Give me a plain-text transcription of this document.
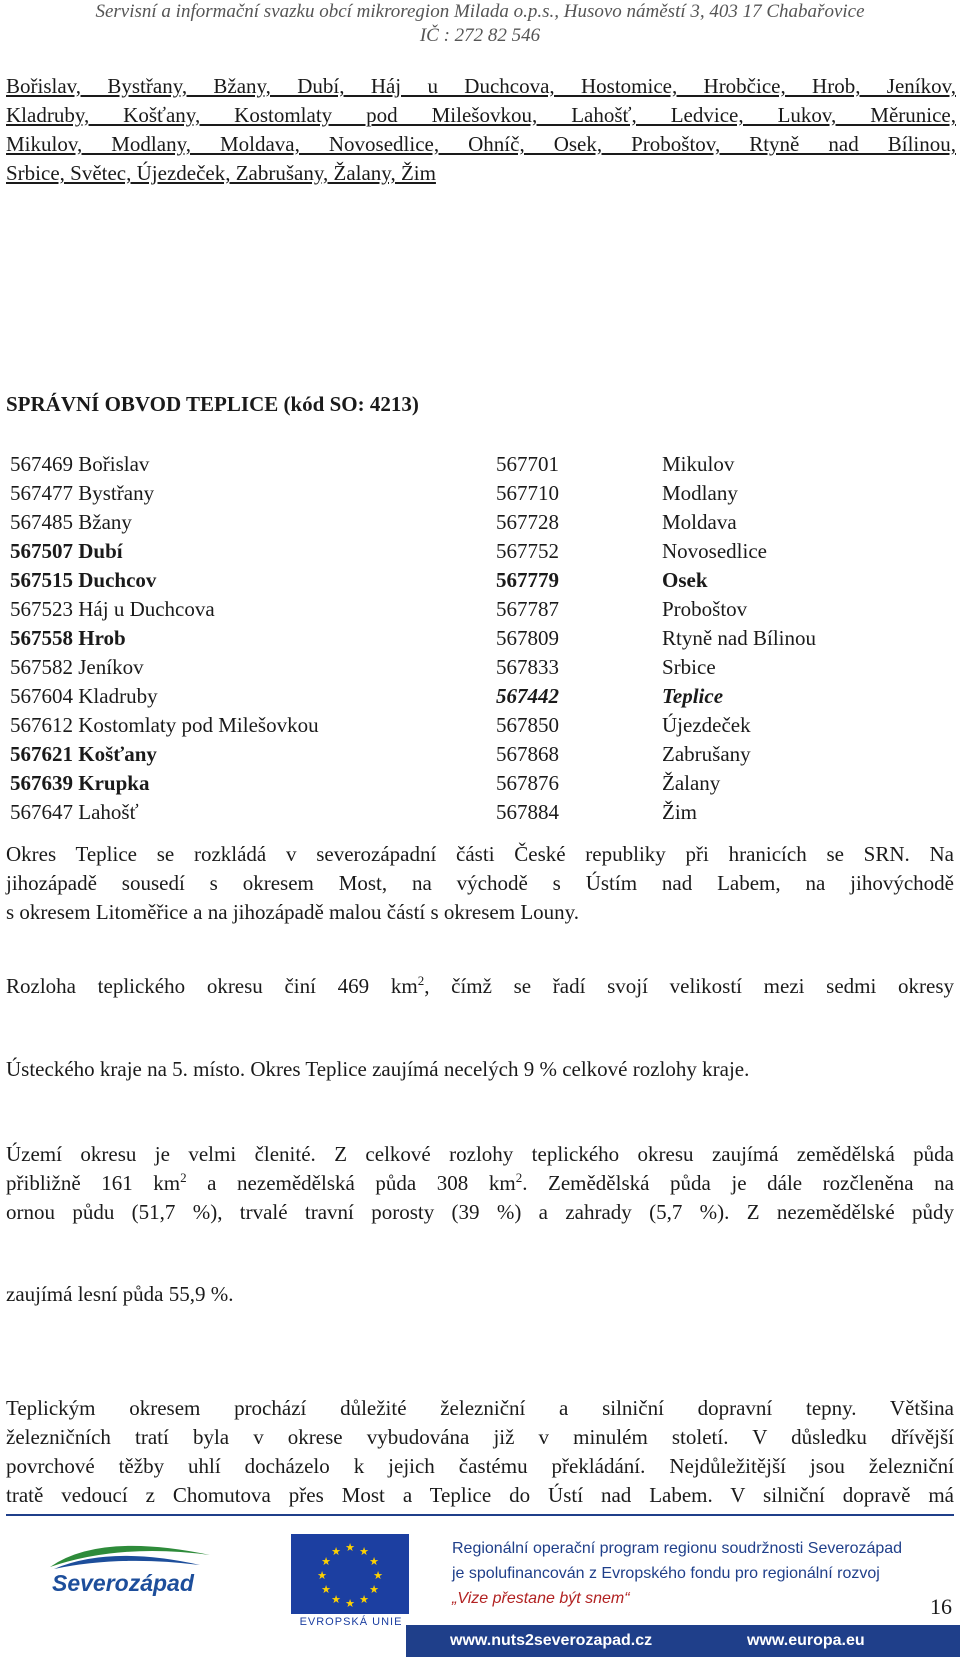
Servisní a informační svazku obcí mikroregion Milada o.p.s., Husovo náměstí 3, 403 17 Chabařovice
IČ : 272 82 546
Bořislav, Bystřany, Bžany, Dubí, Háj u Duchcova, Hostomice, Hrobčice, Hrob, Jeníkov,
Kladruby, Košťany, Kostomlaty pod Milešovkou, Lahošť, Ledvice, Lukov, Měrunice,
Mikulov, Modlany, Moldava, Novosedlice, Ohníč, Osek, Proboštov, Rtyně nad Bílinou,
Srbice, Světec, Újezdeček, Zabrušany, Žalany, Žim
SPRÁVNÍ OBVOD TEPLICE (kód SO: 4213)
567469 Bořislav	567701	Mikulov
567477 Bystřany	567710	Modlany
567485 Bžany	567728	Moldava
567507 Dubí	567752	Novosedlice
567515 Duchcov	567779	Osek
567523 Háj u Duchcova	567787	Proboštov
567558 Hrob	567809	Rtyně nad Bílinou
567582 Jeníkov	567833	Srbice
567604 Kladruby	567442	Teplice
567612 Kostomlaty pod Milešovkou	567850	Újezdeček
567621 Košťany	567868	Zabrušany
567639 Krupka	567876	Žalany
567647 Lahošť	567884	Žim
Okres Teplice se rozkládá v severozápadní části České republiky při hranicích se SRN. Na
jihozápadě sousedí s okresem Most, na východě s Ústím nad Labem, na jihovýchodě
s okresem Litoměřice a na jihozápadě malou částí s okresem Louny.
Rozloha teplického okresu činí 469 $km^2$, čímž se řadí svojí velikostí mezi sedmi okresy
Ústeckého kraje na 5. místo. Okres Teplice zaujímá necelých 9 % celkové rozlohy kraje.
Území okresu je velmi členité. Z celkové rozlohy teplického okresu zaujímá zemědělská půda
přibližně 161 $km^2$ a nezemědělská půda 308 $km^2$. Zemědělská půda je dále rozčleněna na
ornou půdu (51,7 %), trvalé travní porosty (39 %) a zahrady (5,7 %). Z nezemědělské půdy
zaujímá lesní půda 55,9 %.
Teplickým okresem prochází důležité železniční a silniční dopravní tepny. Většina
železničních tratí byla v okrese vybudována již v minulém století. V důsledku dřívější
povrchové těžby uhlí docházelo k jejich častému překládání. Nejdůležitější jsou železniční
tratě vedoucí z Chomutova přes Most a Teplice do Ústí nad Labem. V silniční dopravě má
Severozápad
★ ★
★
★
★
★
★
★
★
★
★
★
EVROPSKÁ UNIE
Regionální operační program regionu soudržnosti Severozápad
je spolufinancován z Evropského fondu pro regionální rozvoj
„Vize přestane být snem“	16
www.nuts2severozapad.cz	www.europa.eu
